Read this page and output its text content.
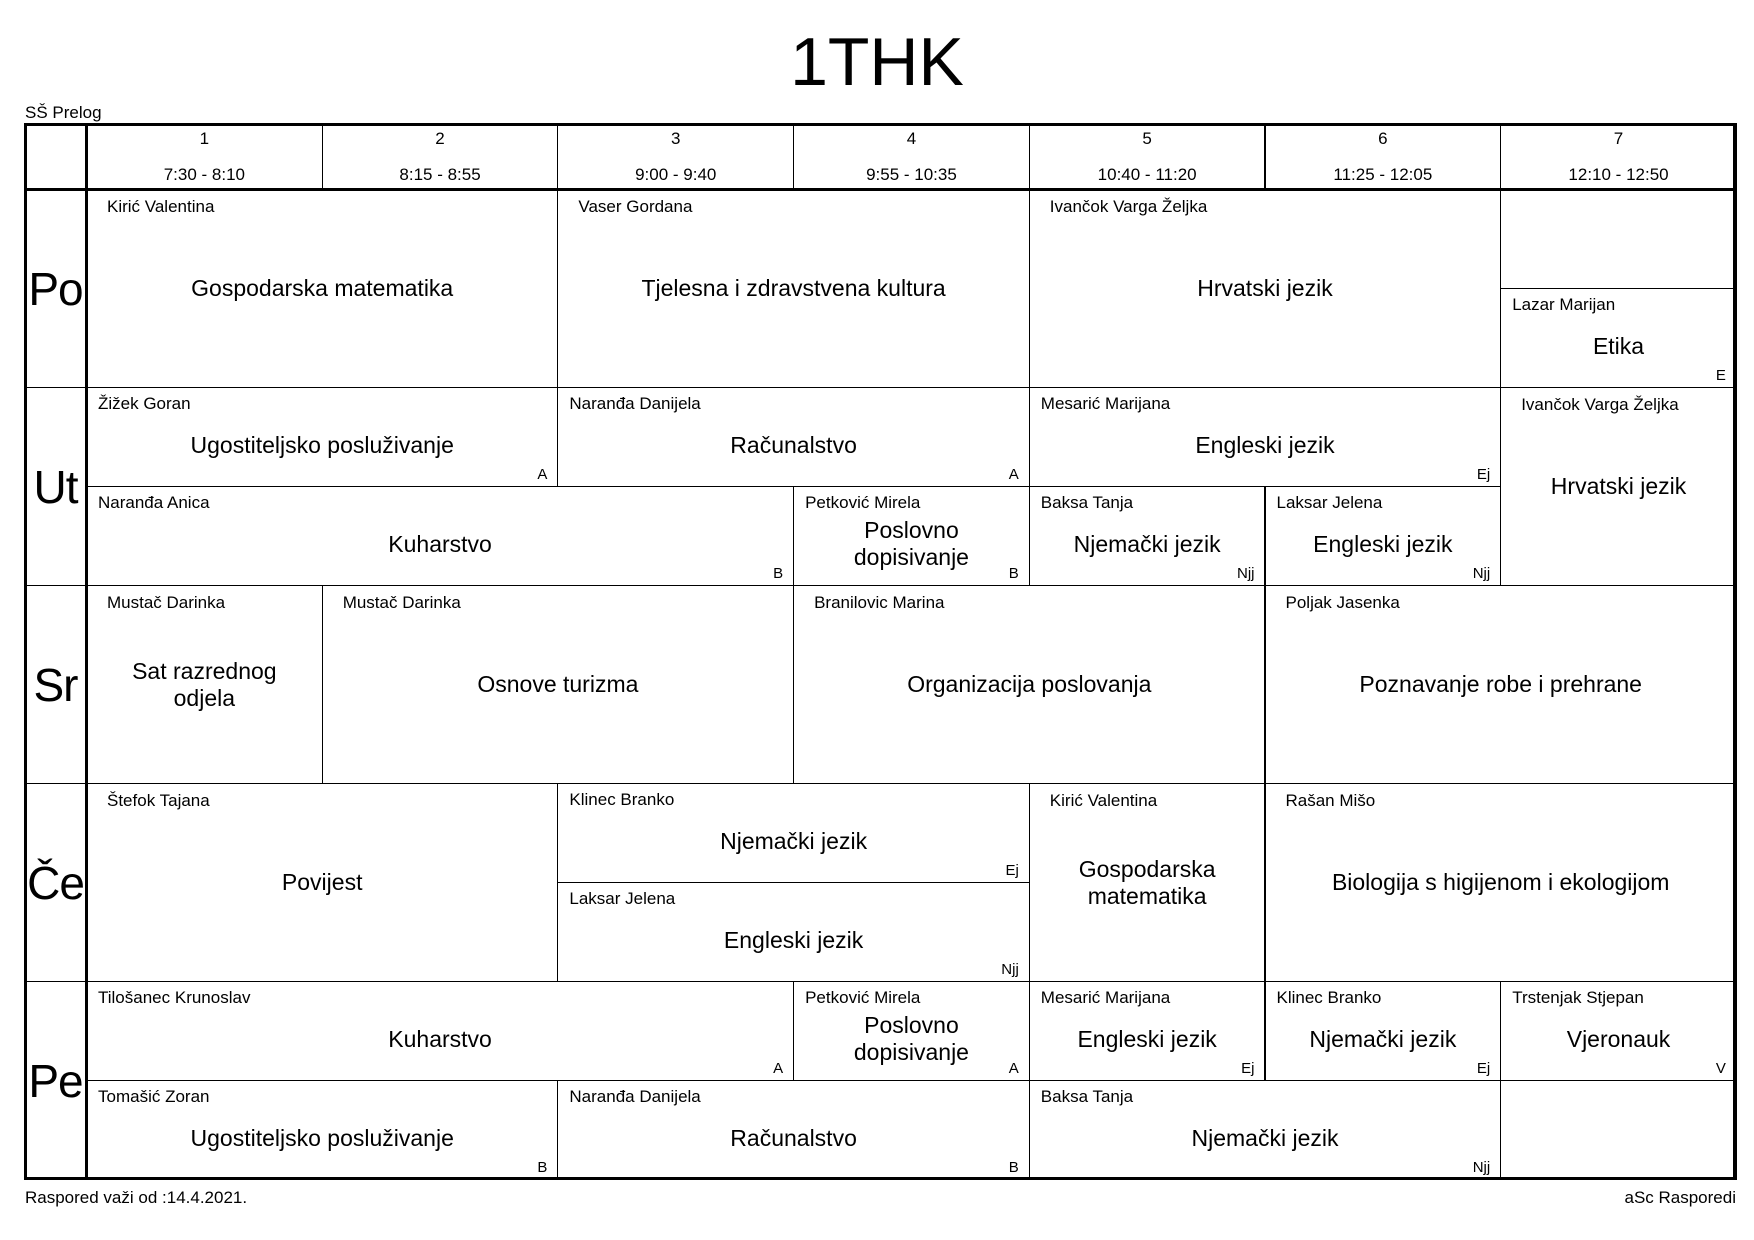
1THK
SŠ Prelog
1
7:30 - 8:10
2
8:15 - 8:55
3
9:00 - 9:40
4
9:55 - 10:35
5
10:40 - 11:20
6
11:25 - 12:05
7
12:10 - 12:50
Po
Ut
Sr
Če
Pe
Kirić Valentina
Gospodarska matematika
Vaser Gordana
Tjelesna i zdravstvena kultura
Ivančok Varga Željka
Hrvatski jezik
Lazar Marijan
Etika
E
Žižek Goran
Ugostiteljsko posluživanje
A
Naranđa Danijela
Računalstvo
A
Mesarić Marijana
Engleski jezik
Ej
Ivančok Varga Željka
Hrvatski jezik
Naranđa Anica
Kuharstvo
B
Petković Mirela
Poslovno dopisivanje
B
Baksa Tanja
Njemački jezik
Njj
Laksar Jelena
Engleski jezik
Njj
Mustač Darinka
Sat razrednog odjela
Mustač Darinka
Osnove turizma
Branilovic Marina
Organizacija poslovanja
Poljak Jasenka
Poznavanje robe i prehrane
Štefok Tajana
Povijest
Klinec Branko
Njemački jezik
Ej
Laksar Jelena
Engleski jezik
Njj
Kirić Valentina
Gospodarska matematika
Rašan Mišo
Biologija s higijenom i ekologijom
Tilošanec Krunoslav
Kuharstvo
A
Petković Mirela
Poslovno dopisivanje
A
Mesarić Marijana
Engleski jezik
Ej
Klinec Branko
Njemački jezik
Ej
Trstenjak Stjepan
Vjeronauk
V
Tomašić Zoran
Ugostiteljsko posluživanje
B
Naranđa Danijela
Računalstvo
B
Baksa Tanja
Njemački jezik
Njj
Raspored važi od :14.4.2021.	aSc Rasporedi
